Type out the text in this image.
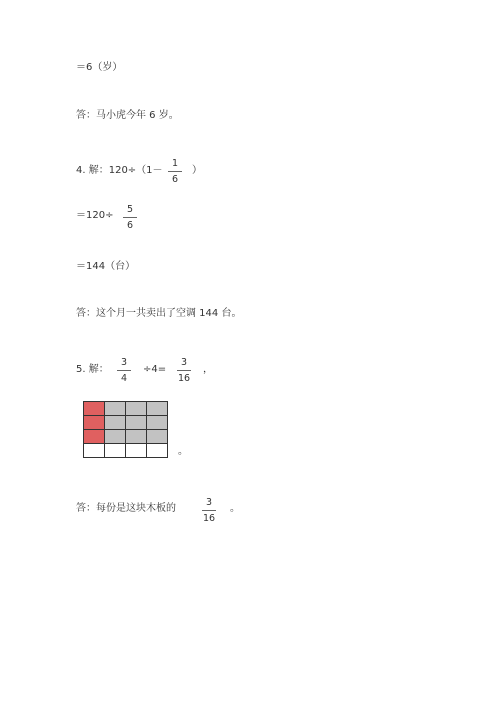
＝6（岁）
答：马小虎今年 6 岁。
4. 解：120÷（1－
1
6
）
＝120÷
5
6
＝144（台）
答：这个月一共卖出了空调 144 台。
5. 解：
3
4
÷4=
3
16
，

。
答：每份是这块木板的
3
16
。
